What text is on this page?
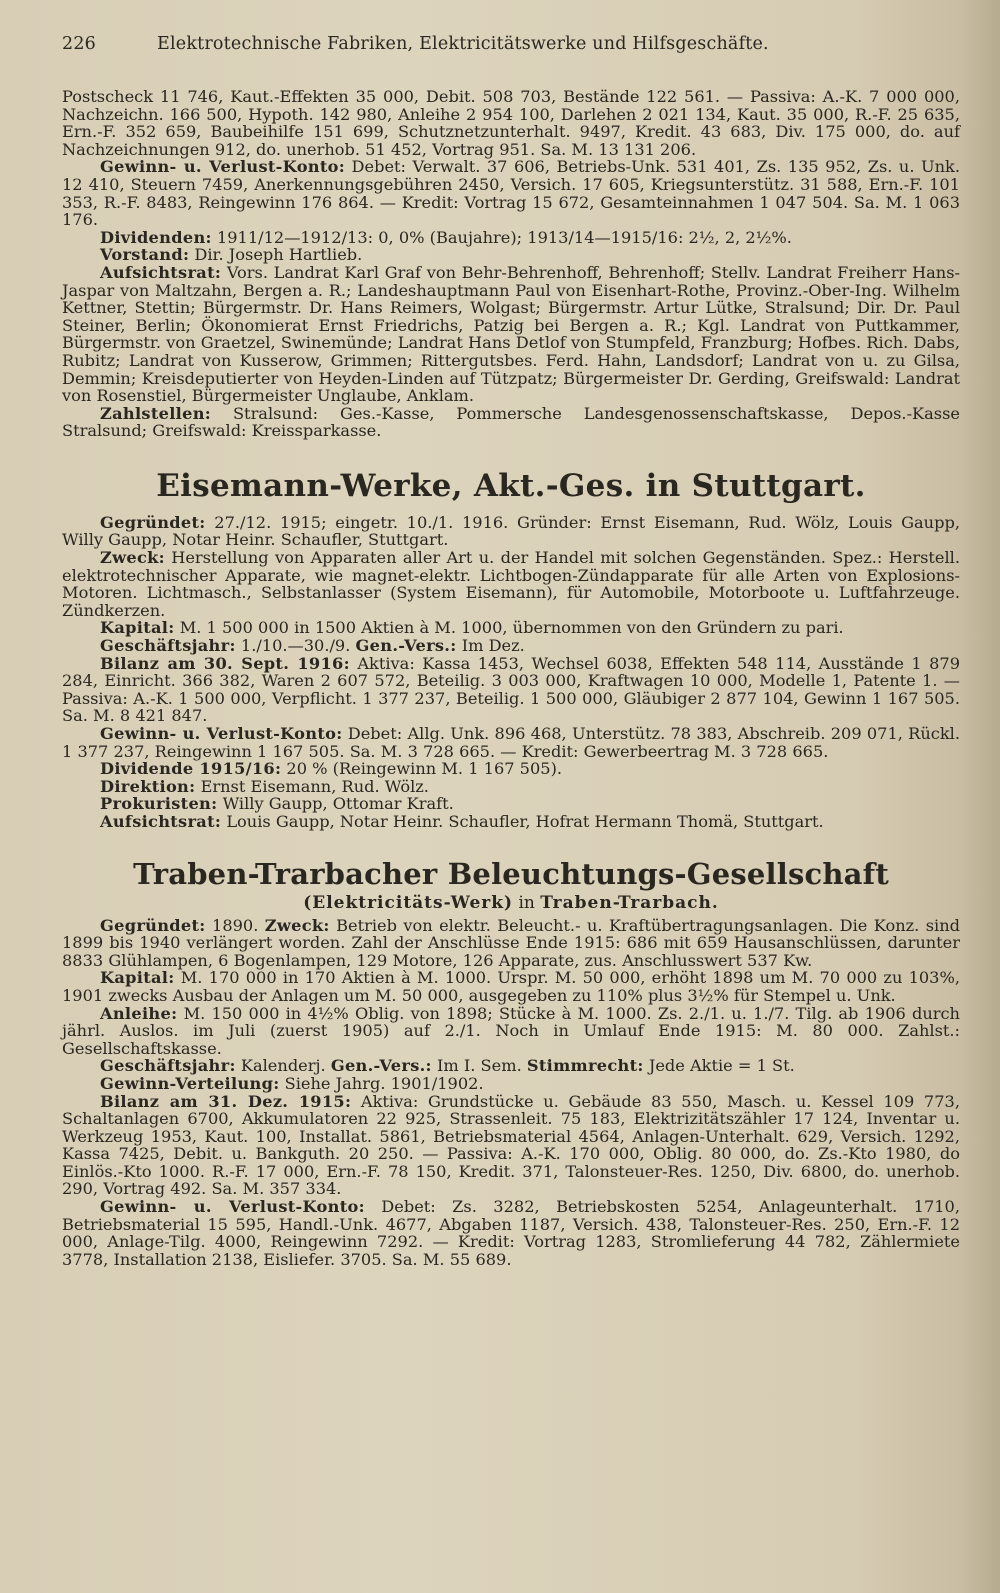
226	Elektrotechnische Fabriken, Elektricitätswerke und Hilfsgeschäfte.

Postscheck 11 746, Kaut.-Effekten 35 000, Debit. 508 703, Bestände 122 561. — Passiva: A.-K. 7 000 000, Nachzeichn. 166 500, Hypoth. 142 980, Anleihe 2 954 100, Darlehen 2 021 134, Kaut. 35 000, R.-F. 25 635, Ern.-F. 352 659, Baubeihilfe 151 699, Schutznetzunterhalt. 9497, Kredit. 43 683, Div. 175 000, do. auf Nachzeichnungen 912, do. unerhob. 51 452, Vortrag 951. Sa. M. 13 131 206.

Gewinn- u. Verlust-Konto: Debet: Verwalt. 37 606, Betriebs-Unk. 531 401, Zs. 135 952, Zs. u. Unk. 12 410, Steuern 7459, Anerkennungsgebühren 2450, Versich. 17 605, Kriegsunterstütz. 31 588, Ern.-F. 101 353, R.-F. 8483, Reingewinn 176 864. — Kredit: Vortrag 15 672, Gesamteinnahmen 1 047 504. Sa. M. 1 063 176.

Dividenden: 1911/12—1912/13: 0, 0% (Baujahre); 1913/14—1915/16: 2½, 2, 2½%.

Vorstand: Dir. Joseph Hartlieb.

Aufsichtsrat: Vors. Landrat Karl Graf von Behr-Behrenhoff, Behrenhoff; Stellv. Landrat Freiherr Hans-Jaspar von Maltzahn, Bergen a. R.; Landeshauptmann Paul von Eisenhart-Rothe, Provinz.-Ober-Ing. Wilhelm Kettner, Stettin; Bürgermstr. Dr. Hans Reimers, Wolgast; Bürgermstr. Artur Lütke, Stralsund; Dir. Dr. Paul Steiner, Berlin; Ökonomierat Ernst Friedrichs, Patzig bei Bergen a. R.; Kgl. Landrat von Puttkammer, Bürgermstr. von Graetzel, Swinemünde; Landrat Hans Detlof von Stumpfeld, Franzburg; Hofbes. Rich. Dabs, Rubitz; Landrat von Kusserow, Grimmen; Rittergutsbes. Ferd. Hahn, Landsdorf; Landrat von u. zu Gilsa, Demmin; Kreisdeputierter von Heyden-Linden auf Tützpatz; Bürgermeister Dr. Gerding, Greifswald: Landrat von Rosenstiel, Bürgermeister Unglaube, Anklam.

Zahlstellen: Stralsund: Ges.-Kasse, Pommersche Landesgenossenschaftskasse, Depos.-Kasse Stralsund; Greifswald: Kreissparkasse.

Eisemann-Werke, Akt.-Ges. in Stuttgart.

Gegründet: 27./12. 1915; eingetr. 10./1. 1916. Gründer: Ernst Eisemann, Rud. Wölz, Louis Gaupp, Willy Gaupp, Notar Heinr. Schaufler, Stuttgart.

Zweck: Herstellung von Apparaten aller Art u. der Handel mit solchen Gegenständen. Spez.: Herstell. elektrotechnischer Apparate, wie magnet-elektr. Lichtbogen-Zündapparate für alle Arten von Explosions-Motoren. Lichtmasch., Selbstanlasser (System Eisemann), für Automobile, Motorboote u. Luftfahrzeuge. Zündkerzen.

Kapital: M. 1 500 000 in 1500 Aktien à M. 1000, übernommen von den Gründern zu pari.

Geschäftsjahr: 1./10.—30./9. Gen.-Vers.: Im Dez.

Bilanz am 30. Sept. 1916: Aktiva: Kassa 1453, Wechsel 6038, Effekten 548 114, Ausstände 1 879 284, Einricht. 366 382, Waren 2 607 572, Beteilig. 3 003 000, Kraftwagen 10 000, Modelle 1, Patente 1. — Passiva: A.-K. 1 500 000, Verpflicht. 1 377 237, Beteilig. 1 500 000, Gläubiger 2 877 104, Gewinn 1 167 505. Sa. M. 8 421 847.

Gewinn- u. Verlust-Konto: Debet: Allg. Unk. 896 468, Unterstütz. 78 383, Abschreib. 209 071, Rückl. 1 377 237, Reingewinn 1 167 505. Sa. M. 3 728 665. — Kredit: Gewerbeertrag M. 3 728 665.

Dividende 1915/16: 20 % (Reingewinn M. 1 167 505).

Direktion: Ernst Eisemann, Rud. Wölz.

Prokuristen: Willy Gaupp, Ottomar Kraft.

Aufsichtsrat: Louis Gaupp, Notar Heinr. Schaufler, Hofrat Hermann Thomä, Stuttgart.

Traben-Trarbacher Beleuchtungs-Gesellschaft
(Elektricitäts-Werk) in Traben-Trarbach.

Gegründet: 1890. Zweck: Betrieb von elektr. Beleucht.- u. Kraftübertragungsanlagen. Die Konz. sind 1899 bis 1940 verlängert worden. Zahl der Anschlüsse Ende 1915: 686 mit 659 Hausanschlüssen, darunter 8833 Glühlampen, 6 Bogenlampen, 129 Motore, 126 Apparate, zus. Anschlusswert 537 Kw.

Kapital: M. 170 000 in 170 Aktien à M. 1000. Urspr. M. 50 000, erhöht 1898 um M. 70 000 zu 103%, 1901 zwecks Ausbau der Anlagen um M. 50 000, ausgegeben zu 110% plus 3½% für Stempel u. Unk.

Anleihe: M. 150 000 in 4½% Oblig. von 1898; Stücke à M. 1000. Zs. 2./1. u. 1./7. Tilg. ab 1906 durch jährl. Auslos. im Juli (zuerst 1905) auf 2./1. Noch in Umlauf Ende 1915: M. 80 000. Zahlst.: Gesellschaftskasse.

Geschäftsjahr: Kalenderj. Gen.-Vers.: Im I. Sem. Stimmrecht: Jede Aktie = 1 St.

Gewinn-Verteilung: Siehe Jahrg. 1901/1902.

Bilanz am 31. Dez. 1915: Aktiva: Grundstücke u. Gebäude 83 550, Masch. u. Kessel 109 773, Schaltanlagen 6700, Akkumulatoren 22 925, Strassenleit. 75 183, Elektrizitätszähler 17 124, Inventar u. Werkzeug 1953, Kaut. 100, Installat. 5861, Betriebsmaterial 4564, Anlagen-Unterhalt. 629, Versich. 1292, Kassa 7425, Debit. u. Bankguth. 20 250. — Passiva: A.-K. 170 000, Oblig. 80 000, do. Zs.-Kto 1980, do Einlös.-Kto 1000. R.-F. 17 000, Ern.-F. 78 150, Kredit. 371, Talonsteuer-Res. 1250, Div. 6800, do. unerhob. 290, Vortrag 492. Sa. M. 357 334.

Gewinn- u. Verlust-Konto: Debet: Zs. 3282, Betriebskosten 5254, Anlageunterhalt. 1710, Betriebsmaterial 15 595, Handl.-Unk. 4677, Abgaben 1187, Versich. 438, Talonsteuer-Res. 250, Ern.-F. 12 000, Anlage-Tilg. 4000, Reingewinn 7292. — Kredit: Vortrag 1283, Stromlieferung 44 782, Zählermiete 3778, Installation 2138, Eisliefer. 3705. Sa. M. 55 689.
